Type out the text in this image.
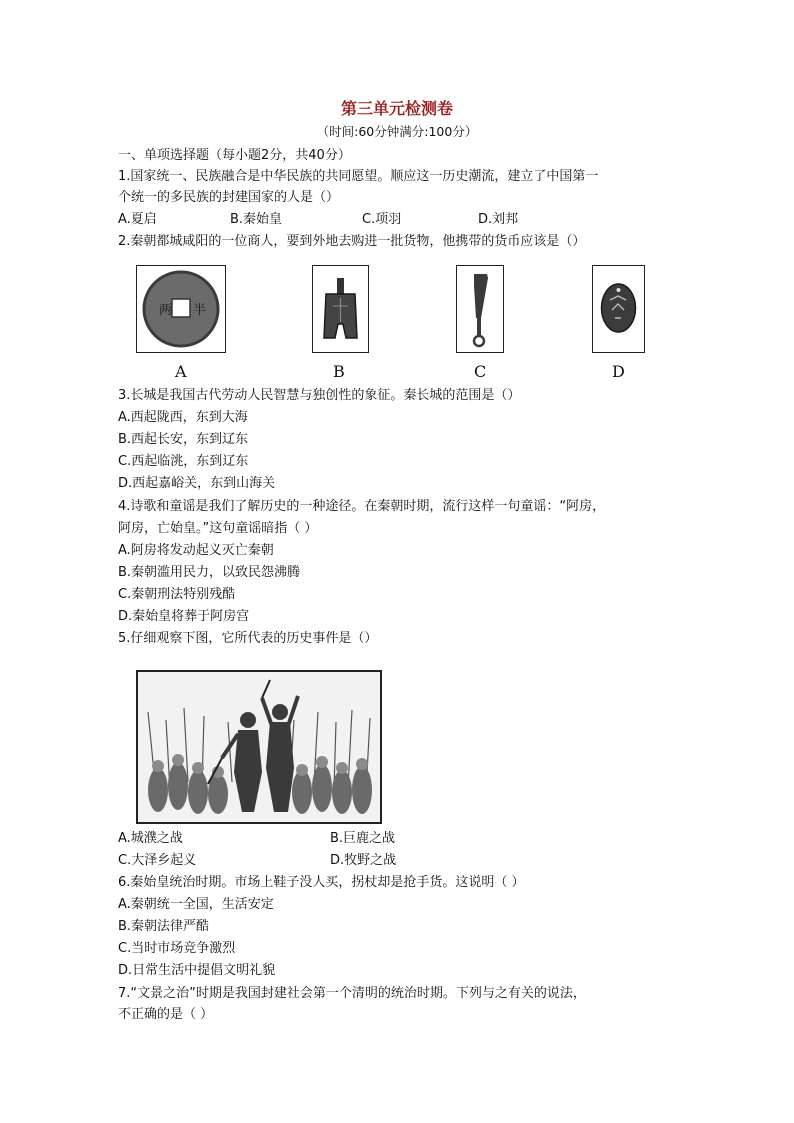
第三单元检测卷
（时间:60分钟满分:100分）
一、单项选择题（每小题2分，共40分）
1.国家统一、民族融合是中华民族的共同愿望。顺应这一历史潮流，建立了中国第一
个统一的多民族的封建国家的人是（）
A.夏启	B.秦始皇	C.项羽	D.刘邦
2.秦朝都城咸阳的一位商人，要到外地去购进一批货物，他携带的货币应该是（）
两 半
A	B	C	D
3.长城是我国古代劳动人民智慧与独创性的象征。秦长城的范围是（）
A.西起陇西，东到大海
B.西起长安，东到辽东
C.西起临洮，东到辽东
D.西起嘉峪关，东到山海关
4.诗歌和童谣是我们了解历史的一种途径。在秦朝时期，流行这样一句童谣：“阿房，
阿房，亡始皇。”这句童谣暗指（ ）
A.阿房将发动起义灭亡秦朝
B.秦朝滥用民力，以致民怨沸腾
C.秦朝刑法特别残酷
D.秦始皇将葬于阿房宫
5.仔细观察下图，它所代表的历史事件是（）
A.城濮之战	B.巨鹿之战
C.大泽乡起义	D.牧野之战
6.秦始皇统治时期。市场上鞋子没人买，拐杖却是抢手货。这说明（ ）
A.秦朝统一全国，生活安定
B.秦朝法律严酷
C.当时市场竞争激烈
D.日常生活中提倡文明礼貌
7.“文景之治”时期是我国封建社会第一个清明的统治时期。下列与之有关的说法，
不正确的是（ ）
